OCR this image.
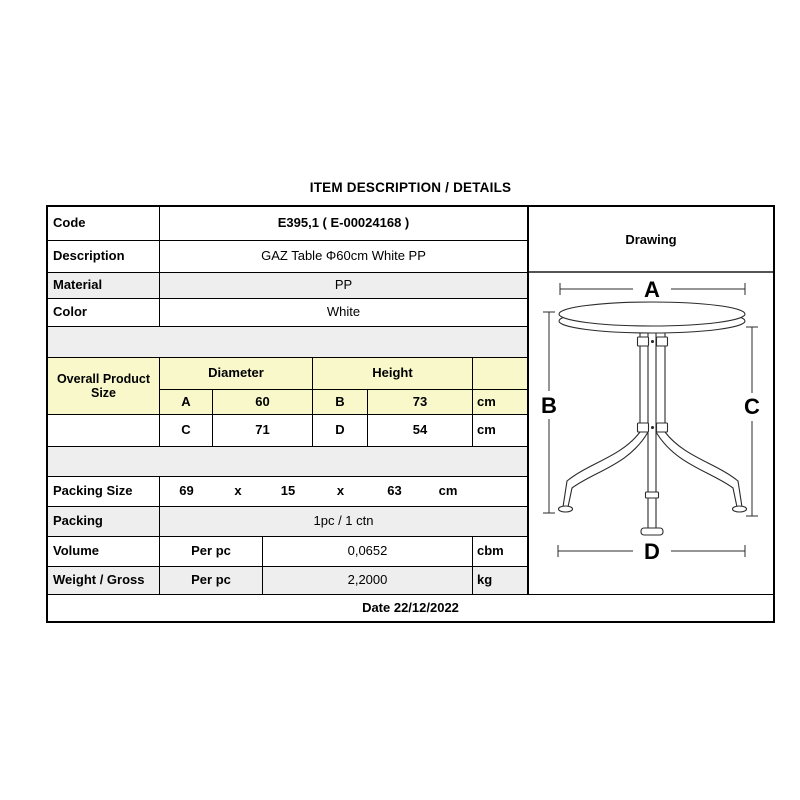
ITEM DESCRIPTION / DETAILS
Code	E395,1 ( E-00024168 )
Description	GAZ Table Φ60cm White PP
Material	PP
Color	White
Overall Product Size
Diameter	Height
A	60	B	73	cm
C	71	D	54	cm
Packing Size	69	x	15	x	63	cm
Packing	1pc / 1 ctn
Volume	Per pc	0,0652	cbm
Weight / Gross	Per pc	2,2000	kg
Date 22/12/2022
A
B	C
D
Drawing
